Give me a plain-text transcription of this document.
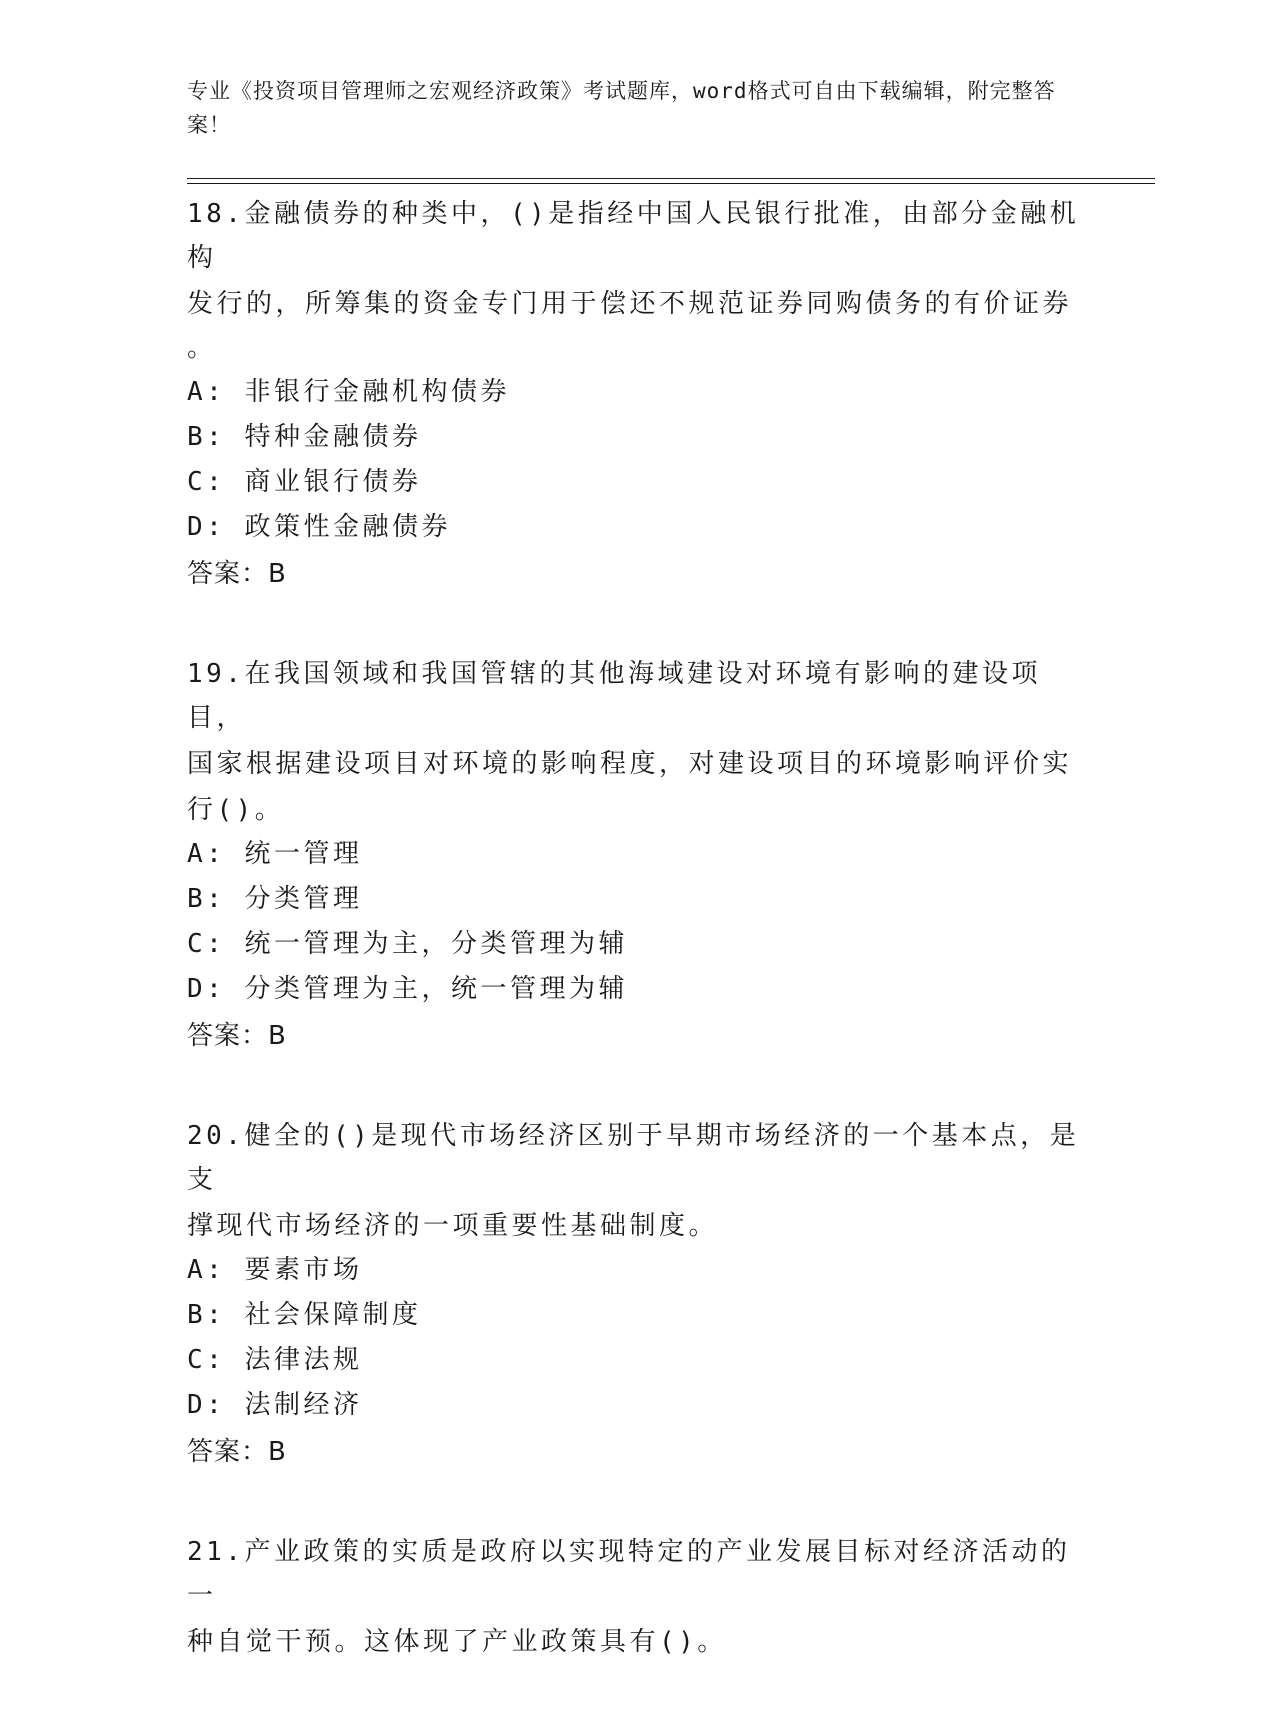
专业《投资项目管理师之宏观经济政策》考试题库，word格式可自由下载编辑，附完整答案！

18.金融债券的种类中，()是指经中国人民银行批准，由部分金融机构

发行的，所筹集的资金专门用于偿还不规范证券同购债务的有价证券

。

A: 非银行金融机构债券

B: 特种金融债券

C: 商业银行债券

D: 政策性金融债券

答案：B

19.在我国领域和我国管辖的其他海域建设对环境有影响的建设项目，

国家根据建设项目对环境的影响程度，对建设项目的环境影响评价实

行()。

A: 统一管理

B: 分类管理

C: 统一管理为主，分类管理为辅

D: 分类管理为主，统一管理为辅

答案：B

20.健全的()是现代市场经济区别于早期市场经济的一个基本点，是支

撑现代市场经济的一项重要性基础制度。

A: 要素市场

B: 社会保障制度

C: 法律法规

D: 法制经济

答案：B

21.产业政策的实质是政府以实现特定的产业发展目标对经济活动的一

种自觉干预。这体现了产业政策具有()。
